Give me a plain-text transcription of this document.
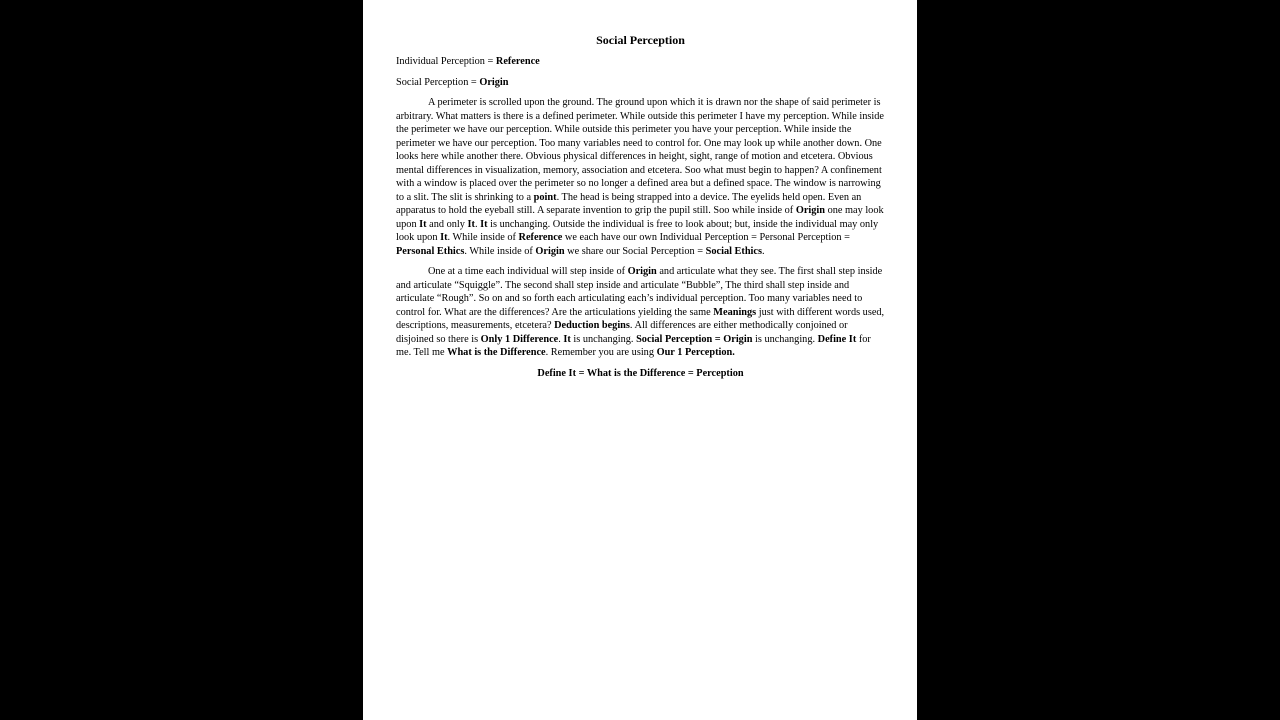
Social Perception
Individual Perception = Reference
Social Perception = Origin

A perimeter is scrolled upon the ground. The ground upon which it is drawn nor the shape of said perimeter is arbitrary. What matters is there is a defined perimeter. While outside this perimeter I have my perception. While inside the perimeter we have our perception. While outside this perimeter you have your perception. While inside the perimeter we have our perception. Too many variables need to control for. One may look up while another down. One looks here while another there. Obvious physical differences in height, sight, range of motion and etcetera. Obvious mental differences in visualization, memory, association and etcetera. Soo what must begin to happen? A confinement with a window is placed over the perimeter so no longer a defined area but a defined space. The window is narrowing to a slit. The slit is shrinking to a point. The head is being strapped into a device. The eyelids held open. Even an apparatus to hold the eyeball still. A separate invention to grip the pupil still. Soo while inside of Origin one may look upon It and only It. It is unchanging. Outside the individual is free to look about; but, inside the individual may only look upon It. While inside of Reference we each have our own Individual Perception = Personal Perception = Personal Ethics. While inside of Origin we share our Social Perception = Social Ethics.

One at a time each individual will step inside of Origin and articulate what they see. The first shall step inside and articulate “Squiggle”. The second shall step inside and articulate “Bubble”, The third shall step inside and articulate “Rough”. So on and so forth each articulating each’s individual perception. Too many variables need to control for. What are the differences? Are the articulations yielding the same Meanings just with different words used, descriptions, measurements, etcetera? Deduction begins. All differences are either methodically conjoined or disjoined so there is Only 1 Difference. It is unchanging. Social Perception = Origin is unchanging. Define It for me. Tell me What is the Difference. Remember you are using Our 1 Perception.

Define It = What is the Difference = Perception
